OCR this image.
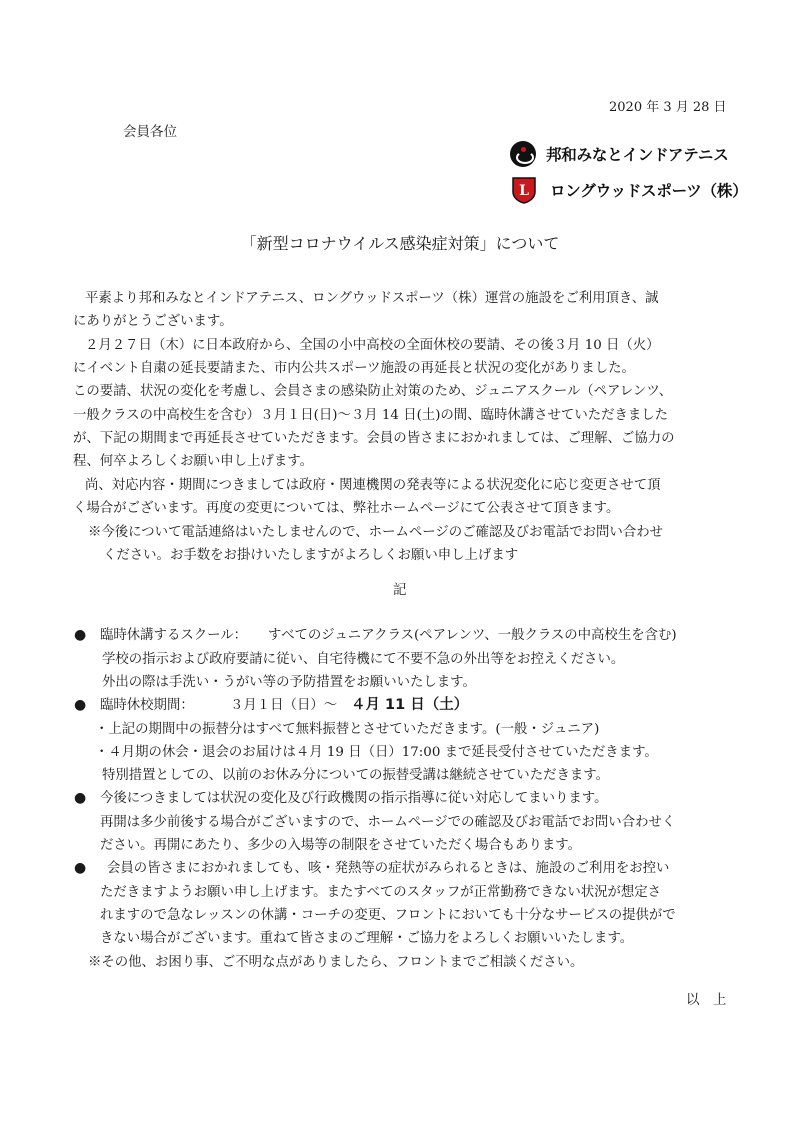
2020 年 3 月 28 日
会員各位
邦和みなとインドアテニス
L ロングウッドスポーツ（株）
「新型コロナウイルス感染症対策」について
平素より邦和みなとインドアテニス、ロングウッドスポーツ（株）運営の施設をご利用頂き、誠
にありがとうございます。
２月２７日（木）に日本政府から、全国の小中高校の全面休校の要請、その後３月 10 日（火）
にイベント自粛の延長要請また、市内公共スポーツ施設の再延長と状況の変化がありました。
この要請、状況の変化を考慮し、会員さまの感染防止対策のため、ジュニアスクール（ペアレンツ、
一般クラスの中高校生を含む）３月１日(日)～３月 14 日(土)の間、臨時休講させていただきました
が、下記の期間まで再延長させていただきます。会員の皆さまにおかれましては、ご理解、ご協力の
程、何卒よろしくお願い申し上げます。
尚、対応内容・期間につきましては政府・関連機関の発表等による状況変化に応じ変更させて頂
く場合がございます。再度の変更については、弊社ホームページにて公表させて頂きます。
※今後について電話連絡はいたしませんので、ホームページのご確認及びお電話でお問い合わせ
ください。お手数をお掛けいたしますがよろしくお願い申し上げます
記
● 臨時休講するスクール： すべてのジュニアクラス(ペアレンツ、一般クラスの中高校生を含む)
学校の指示および政府要請に従い、自宅待機にて不要不急の外出等をお控えください。
外出の際は手洗い・うがい等の予防措置をお願いいたします。
● 臨時休校期間：	３月１日（日）～ ４月 11 日（土）
・上記の期間中の振替分はすべて無料振替とさせていただきます。(一般・ジュニア)
・４月期の休会・退会のお届けは４月 19 日（日）17:00 まで延長受付させていただきます。
特別措置としての、以前のお休み分についての振替受講は継続させていただきます。
● 今後につきましては状況の変化及び行政機関の指示指導に従い対応してまいります。
再開は多少前後する場合がございますので、ホームページでの確認及びお電話でお問い合わせく
ださい。再開にあたり、多少の入場等の制限をさせていただく場合もあります。
● 会員の皆さまにおかれましても、咳・発熱等の症状がみられるときは、施設のご利用をお控い
ただきますようお願い申し上げます。またすべてのスタッフが正常勤務できない状況が想定さ
れますので急なレッスンの休講・コーチの変更、フロントにおいても十分なサービスの提供がで
きない場合がございます。重ねて皆さまのご理解・ご協力をよろしくお願いいたします。
※その他、お困り事、ご不明な点がありましたら、フロントまでご相談ください。
以　上
